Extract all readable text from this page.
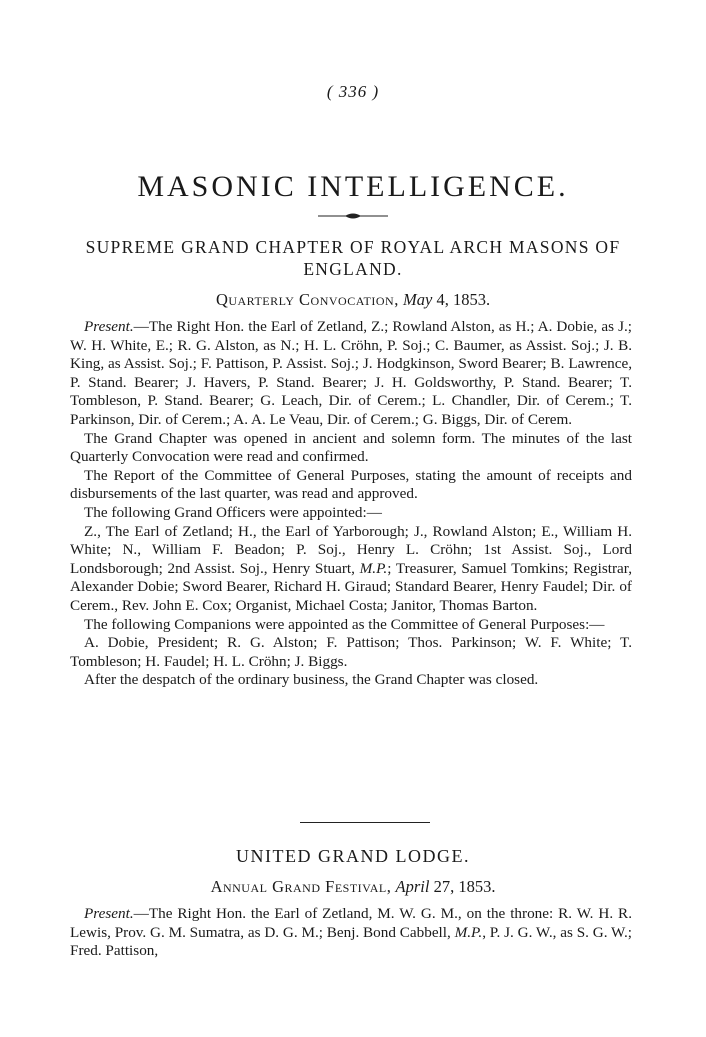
( 336 )
MASONIC INTELLIGENCE.
SUPREME GRAND CHAPTER OF ROYAL ARCH MASONS OF ENGLAND.
Quarterly Convocation, May 4, 1853.

Present.—The Right Hon. the Earl of Zetland, Z.; Rowland Alston, as H.; A. Dobie, as J.; W. H. White, E.; R. G. Alston, as N.; H. L. Cröhn, P. Soj.; C. Baumer, as Assist. Soj.; J. B. King, as Assist. Soj.; F. Pattison, P. Assist. Soj.; J. Hodgkinson, Sword Bearer; B. Lawrence, P. Stand. Bearer; J. Havers, P. Stand. Bearer; J. H. Goldsworthy, P. Stand. Bearer; T. Tombleson, P. Stand. Bearer; G. Leach, Dir. of Cerem.; L. Chandler, Dir. of Cerem.; T. Parkinson, Dir. of Cerem.; A. A. Le Veau, Dir. of Cerem.; G. Biggs, Dir. of Cerem.

The Grand Chapter was opened in ancient and solemn form. The minutes of the last Quarterly Convocation were read and confirmed.

The Report of the Committee of General Purposes, stating the amount of receipts and disbursements of the last quarter, was read and approved.

The following Grand Officers were appointed:—

Z., The Earl of Zetland; H., the Earl of Yarborough; J., Rowland Alston; E., William H. White; N., William F. Beadon; P. Soj., Henry L. Cröhn; 1st Assist. Soj., Lord Londsborough; 2nd Assist. Soj., Henry Stuart, M.P.; Treasurer, Samuel Tomkins; Registrar, Alexander Dobie; Sword Bearer, Richard H. Giraud; Standard Bearer, Henry Faudel; Dir. of Cerem., Rev. John E. Cox; Organist, Michael Costa; Janitor, Thomas Barton.

The following Companions were appointed as the Committee of General Purposes:—

A. Dobie, President; R. G. Alston; F. Pattison; Thos. Parkinson; W. F. White; T. Tombleson; H. Faudel; H. L. Cröhn; J. Biggs.

After the despatch of the ordinary business, the Grand Chapter was closed.

UNITED GRAND LODGE.
Annual Grand Festival, April 27, 1853.

Present.—The Right Hon. the Earl of Zetland, M. W. G. M., on the throne: R. W. H. R. Lewis, Prov. G. M. Sumatra, as D. G. M.; Benj. Bond Cabbell, M.P., P. J. G. W., as S. G. W.; Fred. Pattison,
